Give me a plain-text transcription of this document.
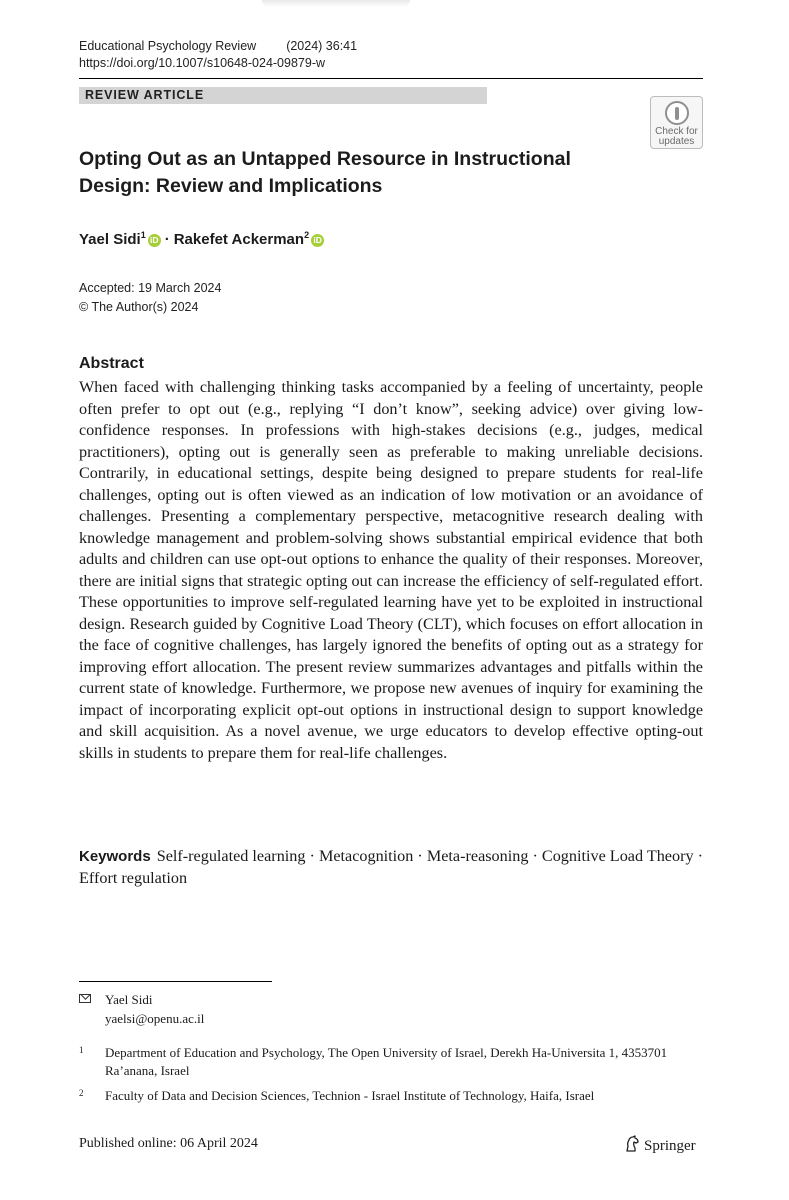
Educational Psychology Review (2024) 36:41
https://doi.org/10.1007/s10648-024-09879-w
REVIEW ARTICLE
Check for
updates
Opting Out as an Untapped Resource in Instructional Design: Review and Implications
Yael Sidi$^1$ iD · Rakefet Ackerman$^2$ iD
Accepted: 19 March 2024
© The Author(s) 2024
Abstract
When faced with challenging thinking tasks accompanied by a feeling of uncertainty, people often prefer to opt out (e.g., replying “I don’t know”, seeking advice) over giving low-confidence responses. In professions with high-stakes decisions (e.g., judges, medical practitioners), opting out is generally seen as preferable to making unreliable decisions. Contrarily, in educational settings, despite being designed to prepare students for real-life challenges, opting out is often viewed as an indication of low motivation or an avoidance of challenges. Presenting a complementary perspective, metacognitive research dealing with knowledge management and problem-solving shows substantial empirical evidence that both adults and children can use opt-out options to enhance the quality of their responses. Moreover, there are initial signs that strategic opting out can increase the efficiency of self-regulated effort. These opportunities to improve self-regulated learning have yet to be exploited in instructional design. Research guided by Cognitive Load Theory (CLT), which focuses on effort allocation in the face of cognitive challenges, has largely ignored the benefits of opting out as a strategy for improving effort allocation. The present review summarizes advantages and pitfalls within the current state of knowledge. Furthermore, we propose new avenues of inquiry for examining the impact of incorporating explicit opt-out options in instructional design to support knowledge and skill acquisition. As a novel avenue, we urge educators to develop effective opting-out skills in students to prepare them for real-life challenges.
Keywords Self-regulated learning · Metacognition · Meta-reasoning · Cognitive Load Theory · Effort regulation
Yael Sidi
yaelsi@openu.ac.il
1 Department of Education and Psychology, The Open University of Israel, Derekh Ha-Universita 1, 4353701 Ra’anana, Israel
2 Faculty of Data and Decision Sciences, Technion - Israel Institute of Technology, Haifa, Israel
Published online: 06 April 2024	Springer
